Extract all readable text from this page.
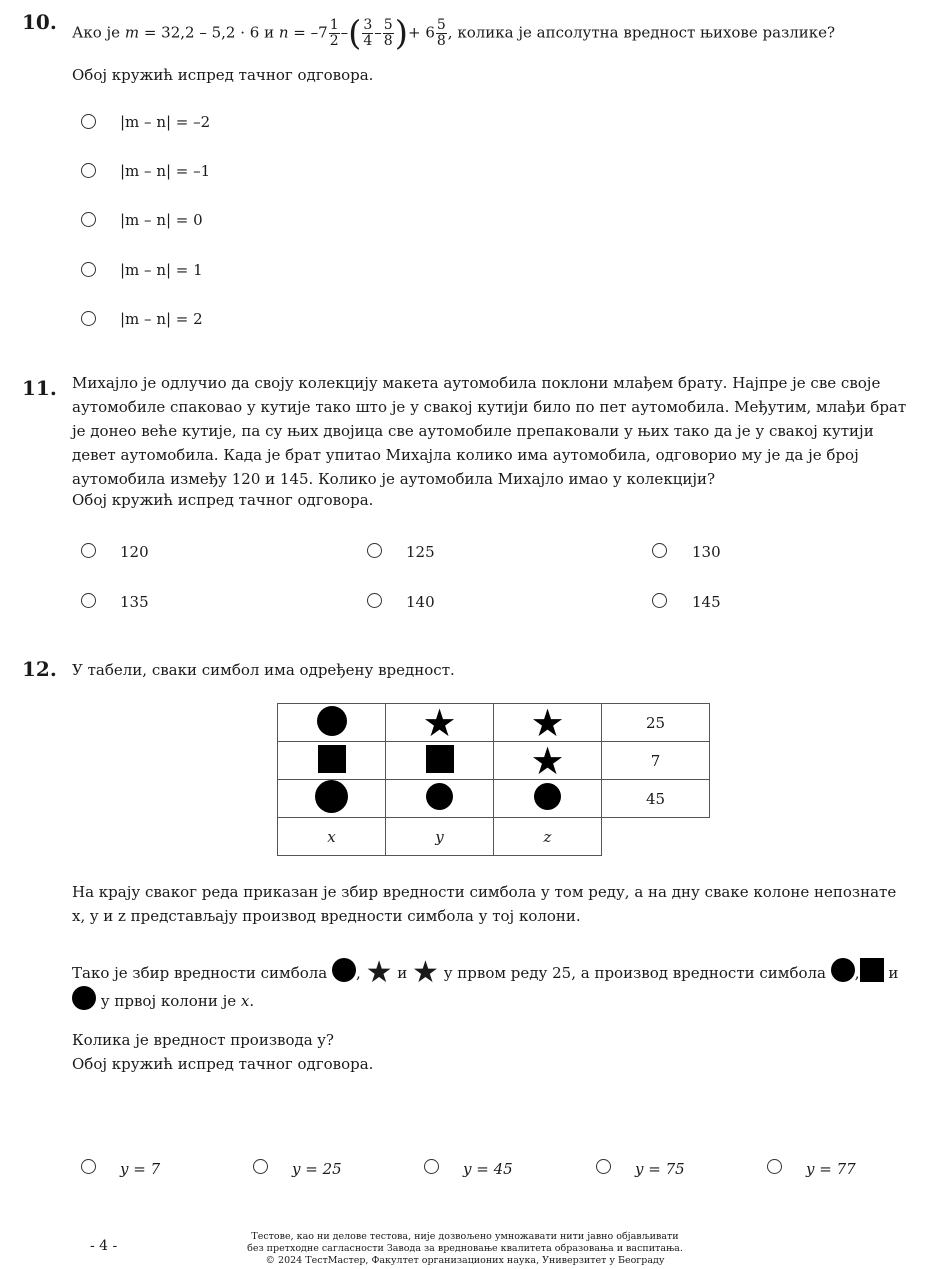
10. Ако је m = 32,2 – 5,2 · 6 и $n = -7 \frac{1}{2}$ –( $\frac{3}{4} - \frac{5}{8}$ )+ $6 \frac{5}{8}$ , колика је апсолутна вредност њихове разлике?
Обој кружић испред тачног одговора.
|m – n| = –2
|m – n| = –1
|m – n| = 0
|m – n| = 1
|m – n| = 2
11. Михајло је одлучио да своју колекцију макета аутомобила поклони млађем брату. Најпре је све своје аутомобиле спаковао у кутије тако што је у свакој кутији било по пет аутомобила. Међутим, млађи брат је донео веће кутије, па су њих двојица све аутомобиле препаковали у њих тако да је у свакој кутији девет аутомобила. Када је брат упитао Михајла колико има аутомобила, одговорио му је да је број аутомобила између 120 и 145. Колико је аутомобила Михајло имао у колекцији?
Обој кружић испред тачног одговора.
120	125	130
135	140	145
12. У табели, сваки симбол има одређену вредност.
	★	★	25
		★	7
			45
x	y	z	
На крају сваког реда приказан је збир вредности симбола у том реду, а на дну сваке колоне непознате x, y и z представљају производ вредности симбола у тој колони.
Тако је збир вредности симбола , ★ и ★ у првом реду 25, а производ вредности симбола , и  у првој колони је x.
Колика је вредност производа y?
Обој кружић испред тачног одговора.
y = 7	y = 25	y = 45	y = 75	y = 77
- 4 -
Тестове, као ни делове тестова, није дозвољено умножавати нити јавно објављивати
без претходне сагласности Завода за вредновање квалитета образовања и васпитања.
© 2024 ТестМастер, Факултет организационих наука, Универзитет у Београду
